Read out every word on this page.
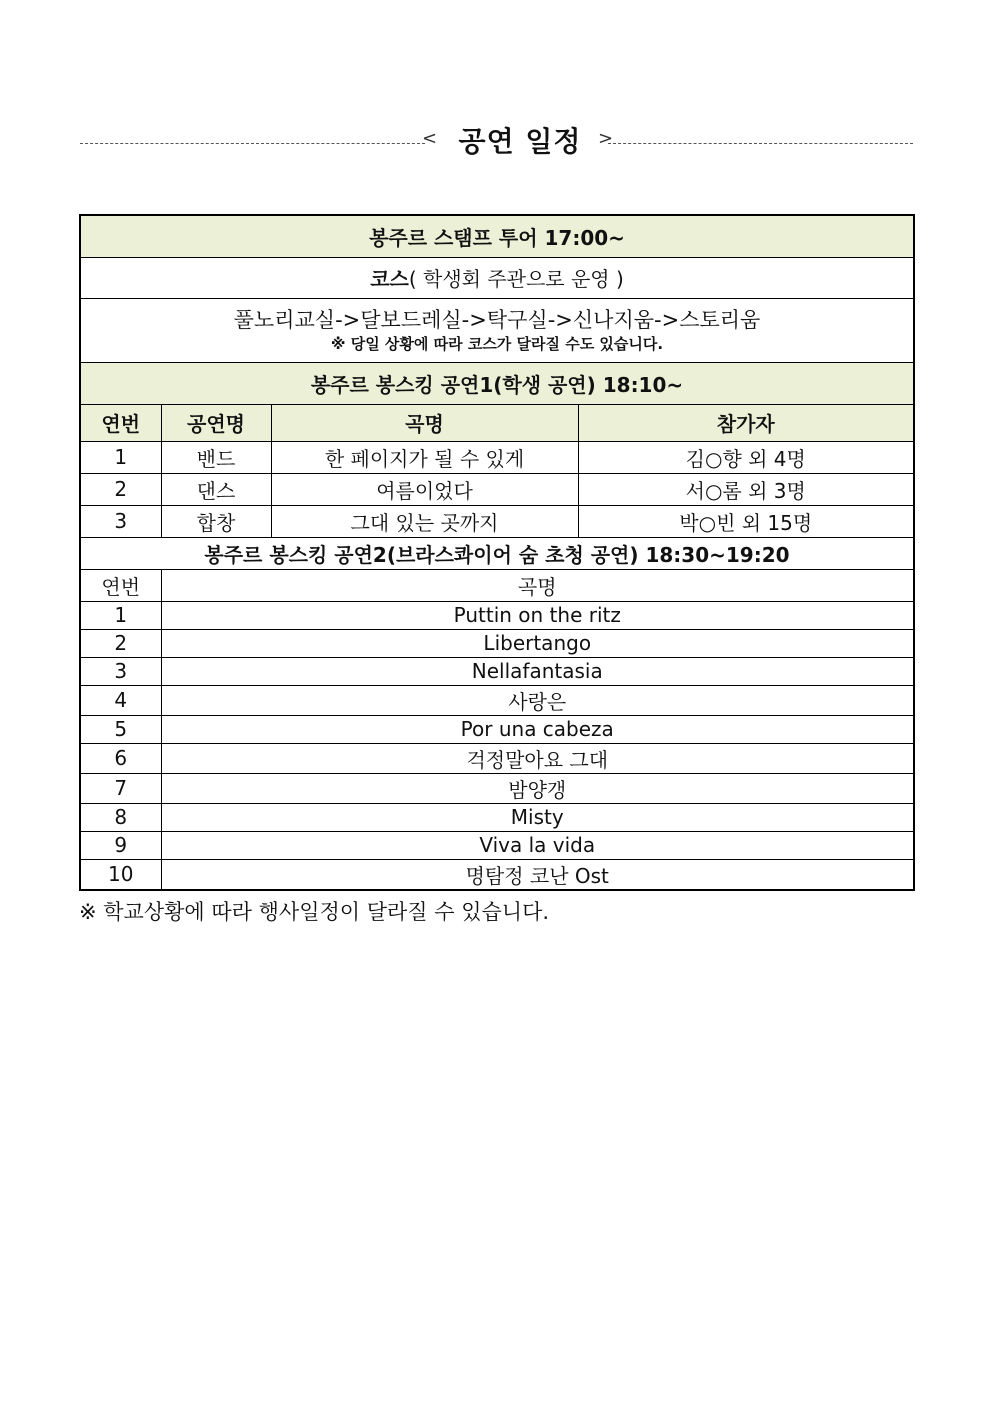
< 공연 일정 >
봉주르 스탬프 투어 17:00~			
코스( 학생회 주관으로 운영 )			

풀노리교실->달보드레실->탁구실->신나지움->스토리움
※ 당일 상황에 따라 코스가 달라질 수도 있습니다.			

봉주르 봉스킹 공연1(학생 공연) 18:10~			
연번	공연명	곡명	참가자
1	밴드	한 페이지가 될 수 있게	김○향 외 4명
2	댄스	여름이었다	서○롬 외 3명
3	합창	그대 있는 곳까지	박○빈 외 15명
봉주르 봉스킹 공연2(브라스콰이어 숨 초청 공연) 18:30~19:20			
연번	곡명		
1	Puttin on the ritz		
2	Libertango		
3	Nellafantasia		
4	사랑은		
5	Por una cabeza		
6	걱정말아요 그대		
7	밤양갱		
8	Misty		
9	Viva la vida		
10	명탐정 코난 Ost		
※ 학교상황에 따라 행사일정이 달라질 수 있습니다.
